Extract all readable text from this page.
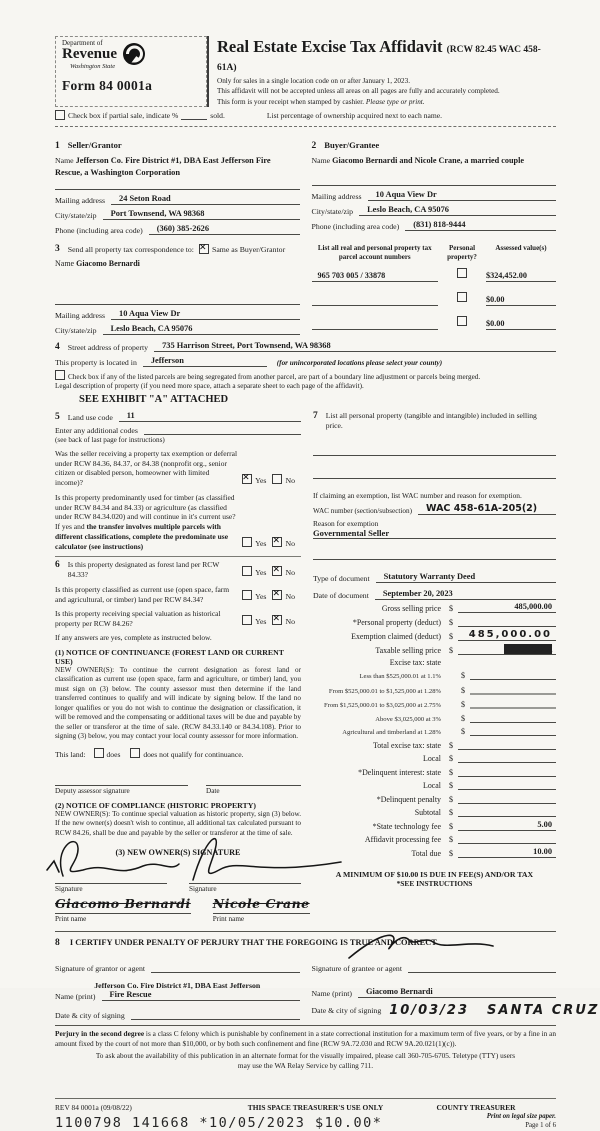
Department of
Revenue
Washington State
Form 84 0001a
Real Estate Excise Tax Affidavit (RCW 82.45 WAC 458-61A)
Only for sales in a single location code on or after January 1, 2023.
This affidavit will not be accepted unless all areas on all pages are fully and accurately completed.
This form is your receipt when stamped by cashier. Please type or print.
Check box if partial sale, indicate %	sold.	List percentage of ownership acquired next to each name.
1 Seller/Grantor
Name Jefferson Co. Fire District #1, DBA East Jefferson Fire Rescue, a Washington Corporation
Mailing address	24 Seton Road
City/state/zip	Port Townsend, WA 98368
Phone (including area code)	(360) 385-2626
2 Buyer/Grantee
Name Giacomo Bernardi and Nicole Crane, a married couple
Mailing address	10 Aqua View Dr
City/state/zip	Leslo Beach, CA 95076
Phone (including area code)	(831) 818-9444
3 Send all property tax correspondence to: ✕ Same as Buyer/Grantor
Name Giacomo Bernardi
Mailing address	10 Aqua View Dr
City/state/zip	Leslo Beach, CA 95076
List all real and personal property tax parcel account numbers
Personal property?
Assessed value(s)
965 703 005 / 33878	$324,452.00
$0.00
$0.00
4 Street address of property	735 Harrison Street, Port Townsend, WA 98368
This property is located in	Jefferson	(for unincorporated locations please select your county)
Check box if any of the listed parcels are being segregated from another parcel, are part of a boundary line adjustment or parcels being merged.
Legal description of property (if you need more space, attach a separate sheet to each page of the affidavit).
SEE EXHIBIT "A" ATTACHED
5 Land use code	11
Enter any additional codes
(see back of last page for instructions)
Was the seller receiving a property tax exemption or deferral under RCW 84.36, 84.37, or 84.38 (nonprofit org., senior citizen or disabled person, homeowner with limited income)? ✕	Yes No
Is this property predominantly used for timber (as classified under RCW 84.34 and 84.33) or agriculture (as classified under RCW 84.34.020) and will continue in it's current use? If yes and the transfer involves multiple parcels with different classifications, complete the predominate use calculator (see instructions)	Yes ✕ No
6 Is this property designated as forest land per RCW 84.33?	Yes ✕ No
Is this property classified as current use (open space, farm and agricultural, or timber) land per RCW 84.34?	Yes ✕ No
Is this property receiving special valuation as historical property per RCW 84.26?	Yes ✕ No
If any answers are yes, complete as instructed below.
(1) NOTICE OF CONTINUANCE (FOREST LAND OR CURRENT USE)
NEW OWNER(S): To continue the current designation as forest land or classification as current use (open space, farm and agriculture, or timber) land, you must sign on (3) below. The county assessor must then determine if the land transferred continues to qualify and will indicate by signing below. If the land no longer qualifies or you do not wish to continue the designation or classification, it will be removed and the compensating or additional taxes will be due and payable by the seller or transferor at the time of sale. (RCW 84.33.140 or 84.34.108). Prior to signing (3) below, you may contact your local county assessor for more information.
This land:	does	does not qualify for continuance.
Deputy assessor signature	Date
(2) NOTICE OF COMPLIANCE (HISTORIC PROPERTY)
NEW OWNER(S): To continue special valuation as historic property, sign (3) below. If the new owner(s) doesn't wish to continue, all additional tax calculated pursuant to RCW 84.26, shall be due and payable by the seller or transferor at the time of sale.
(3) NEW OWNER(S) SIGNATURE
Signature	Signature
Giacomo Bernardi
Print name
Nicole Crane
Print name
7 List all personal property (tangible and intangible) included in selling price.
If claiming an exemption, list WAC number and reason for exemption.
WAC number (section/subsection)	WAC 458-61A-205(2)
Reason for exemption
Governmental Seller
Type of document	Statutory Warranty Deed
Date of document	September 20, 2023
Gross selling price $	485,000.00
*Personal property (deduct) $
Exemption claimed (deduct) $	485,000.00
Taxable selling price $	XXXXXXXX
Excise tax: state
Less than $525,000.01 at 1.1%	$
From $525,000.01 to $1,525,000 at 1.28%	$
From $1,525,000.01 to $3,025,000 at 2.75%	$
Above $3,025,000 at 3%	$
Agricultural and timberland at 1.28%	$
Total excise tax: state $
Local $
*Delinquent interest: state $
Local $
*Delinquent penalty $
Subtotal $
*State technology fee $	5.00
Affidavit processing fee $
Total due $	10.00
A MINIMUM OF $10.00 IS DUE IN FEE(S) AND/OR TAX
*SEE INSTRUCTIONS
8 I CERTIFY UNDER PENALTY OF PERJURY THAT THE FOREGOING IS TRUE AND CORRECT
Signature of grantor or agent
Jefferson Co. Fire District #1, DBA East Jefferson
Name (print)	Fire Rescue
Date & city of signing
Signature of grantee or agent
Name (print)	Giacomo Bernardi
Date & city of signing 10/03/23 SANTA CRUZ
Perjury in the second degree is a class C felony which is punishable by confinement in a state correctional institution for a maximum term of five years, or by a fine in an amount fixed by the court of not more than $10,000, or by both such confinement and fine (RCW 9A.72.030 and RCW 9A.20.021(1)(c)).
To ask about the availability of this publication in an alternate format for the visually impaired, please call 360-705-6705. Teletype (TTY) users may use the WA Relay Service by calling 711.
REV 84 0001a (09/08/22)	THIS SPACE TREASURER'S USE ONLY	COUNTY TREASURER
1100798 141668 *10/05/2023 $10.00*	Print on legal size paper.
Page 1 of 6
